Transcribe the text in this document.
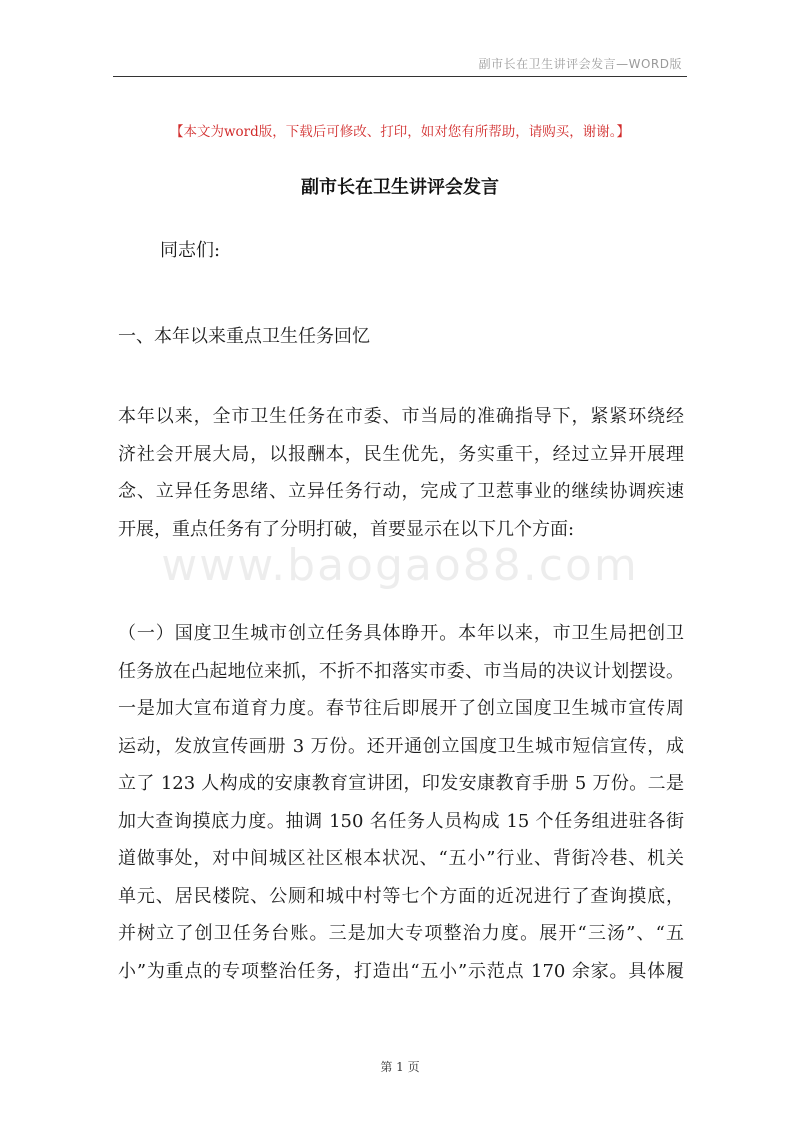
副市长在卫生讲评会发言—WORD版
【本文为word版，下载后可修改、打印，如对您有所帮助，请购买，谢谢。】
副市长在卫生讲评会发言
同志们:
一、本年以来重点卫生任务回忆
本年以来，全市卫生任务在市委、市当局的准确指导下，紧紧环绕经
济社会开展大局，以报酬本，民生优先，务实重干，经过立异开展理
念、立异任务思绪、立异任务行动，完成了卫惹事业的继续协调疾速
开展，重点任务有了分明打破，首要显示在以下几个方面:
www.baogao88.com
（一）国度卫生城市创立任务具体睁开。本年以来，市卫生局把创卫
任务放在凸起地位来抓，不折不扣落实市委、市当局的决议计划摆设。
一是加大宣布道育力度。春节往后即展开了创立国度卫生城市宣传周
运动，发放宣传画册 3 万份。还开通创立国度卫生城市短信宣传，成
立了 123 人构成的安康教育宣讲团，印发安康教育手册 5 万份。二是
加大查询摸底力度。抽调 150 名任务人员构成 15 个任务组进驻各街
道做事处，对中间城区社区根本状况、“五小”行业、背街冷巷、机关
单元、居民楼院、公厕和城中村等七个方面的近况进行了查询摸底，
并树立了创卫任务台账。三是加大专项整治力度。展开“三汤”、“五
小”为重点的专项整治任务，打造出“五小”示范点 170 余家。具体履
第 1 页
